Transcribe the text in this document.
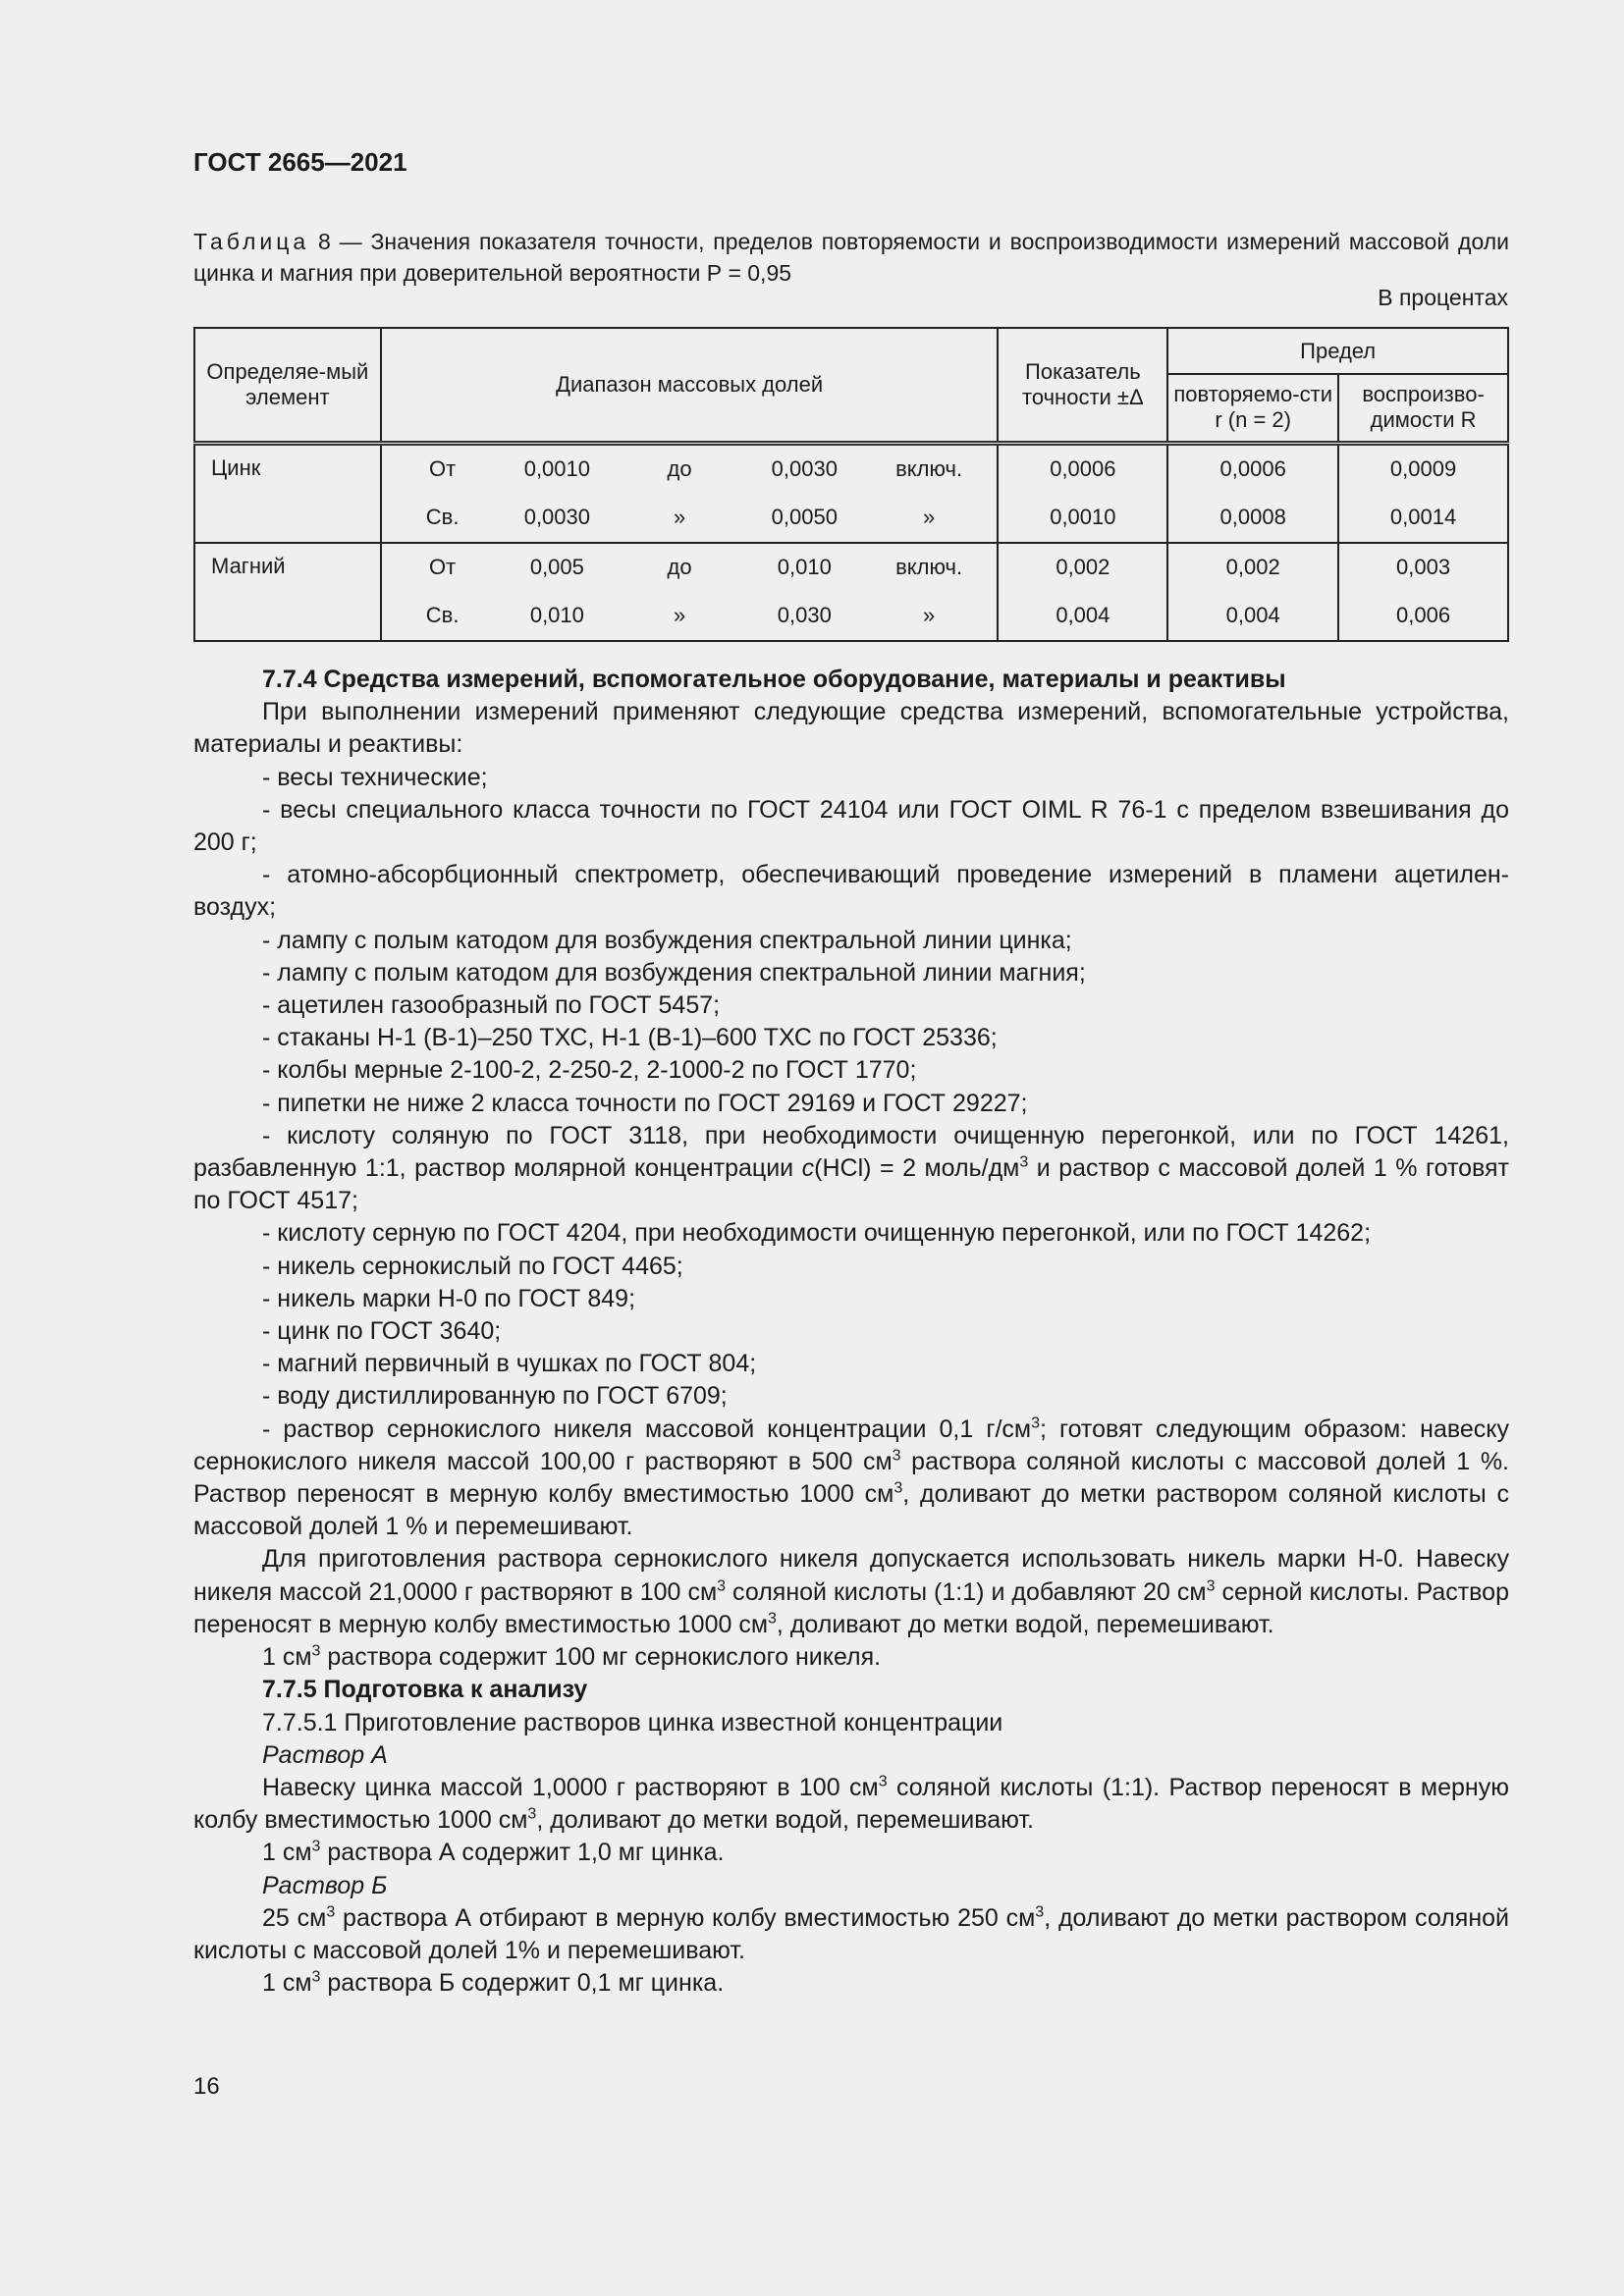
ГОСТ 2665—2021
Таблица 8 — Значения показателя точности, пределов повторяемости и воспроизводимости измерений массовой доли цинка и магния при доверительной вероятности Р = 0,95
В процентах
Определяе-мый элемент	Диапазон массовых долей					Показатель точности ±Δ	Предел	
							повторяемо-сти r (n = 2)	воспроизво-димости R
Цинк	От	0,0010	до	0,0030	включ.	0,0006	0,0006	0,0009
	Св.	0,0030	»	0,0050	»	0,0010	0,0008	0,0014
Магний	От	0,005	до	0,010	включ.	0,002	0,002	0,003
	Св.	0,010	»	0,030	»	0,004	0,004	0,006

7.7.4 Средства измерений, вспомогательное оборудование, материалы и реактивы

При выполнении измерений применяют следующие средства измерений, вспомогательные устройства, материалы и реактивы:

- весы технические;

- весы специального класса точности по ГОСТ 24104 или ГОСТ OIML R 76-1 с пределом взвешивания до 200 г;

- атомно-абсорбционный спектрометр, обеспечивающий проведение измерений в пламени ацетилен-воздух;

- лампу с полым катодом для возбуждения спектральной линии цинка;

- лампу с полым катодом для возбуждения спектральной линии магния;

- ацетилен газообразный по ГОСТ 5457;

- стаканы Н-1 (В-1)–250 ТХС, Н-1 (В-1)–600 ТХС по ГОСТ 25336;

- колбы мерные 2-100-2, 2-250-2, 2-1000-2 по ГОСТ 1770;

- пипетки не ниже 2 класса точности по ГОСТ 29169 и ГОСТ 29227;

- кислоту соляную по ГОСТ 3118, при необходимости очищенную перегонкой, или по ГОСТ 14261, разбавленную 1:1, раствор молярной концентрации с(HCl) = 2 моль/$дм^3$ и раствор с массовой долей 1 % готовят по ГОСТ 4517;

- кислоту серную по ГОСТ 4204, при необходимости очищенную перегонкой, или по ГОСТ 14262;

- никель сернокислый по ГОСТ 4465;

- никель марки Н-0 по ГОСТ 849;

- цинк по ГОСТ 3640;

- магний первичный в чушках по ГОСТ 804;

- воду дистиллированную по ГОСТ 6709;

- раствор сернокислого никеля массовой концентрации 0,1 $г/см^3$; готовят следующим образом: навеску сернокислого никеля массой 100,00 г растворяют в 500 $см^3$ раствора соляной кислоты с массовой долей 1 %. Раствор переносят в мерную колбу вместимостью 1000 $см^3$, доливают до метки раствором соляной кислоты с массовой долей 1 % и перемешивают.

Для приготовления раствора сернокислого никеля допускается использовать никель марки Н-0. Навеску никеля массой 21,0000 г растворяют в 100 $см^3$ соляной кислоты (1:1) и добавляют 20 $см^3$ серной кислоты. Раствор переносят в мерную колбу вместимостью 1000 $см^3$, доливают до метки водой, перемешивают.

1 $см^3$ раствора содержит 100 мг сернокислого никеля.

7.7.5 Подготовка к анализу

7.7.5.1 Приготовление растворов цинка известной концентрации

Раствор А

Навеску цинка массой 1,0000 г растворяют в 100 $см^3$ соляной кислоты (1:1). Раствор переносят в мерную колбу вместимостью 1000 $см^3$, доливают до метки водой, перемешивают.

1 $см^3$ раствора А содержит 1,0 мг цинка.

Раствор Б

25 $см^3$ раствора А отбирают в мерную колбу вместимостью 250 $см^3$, доливают до метки раствором соляной кислоты с массовой долей 1% и перемешивают.

1 $см^3$ раствора Б содержит 0,1 мг цинка.

16
